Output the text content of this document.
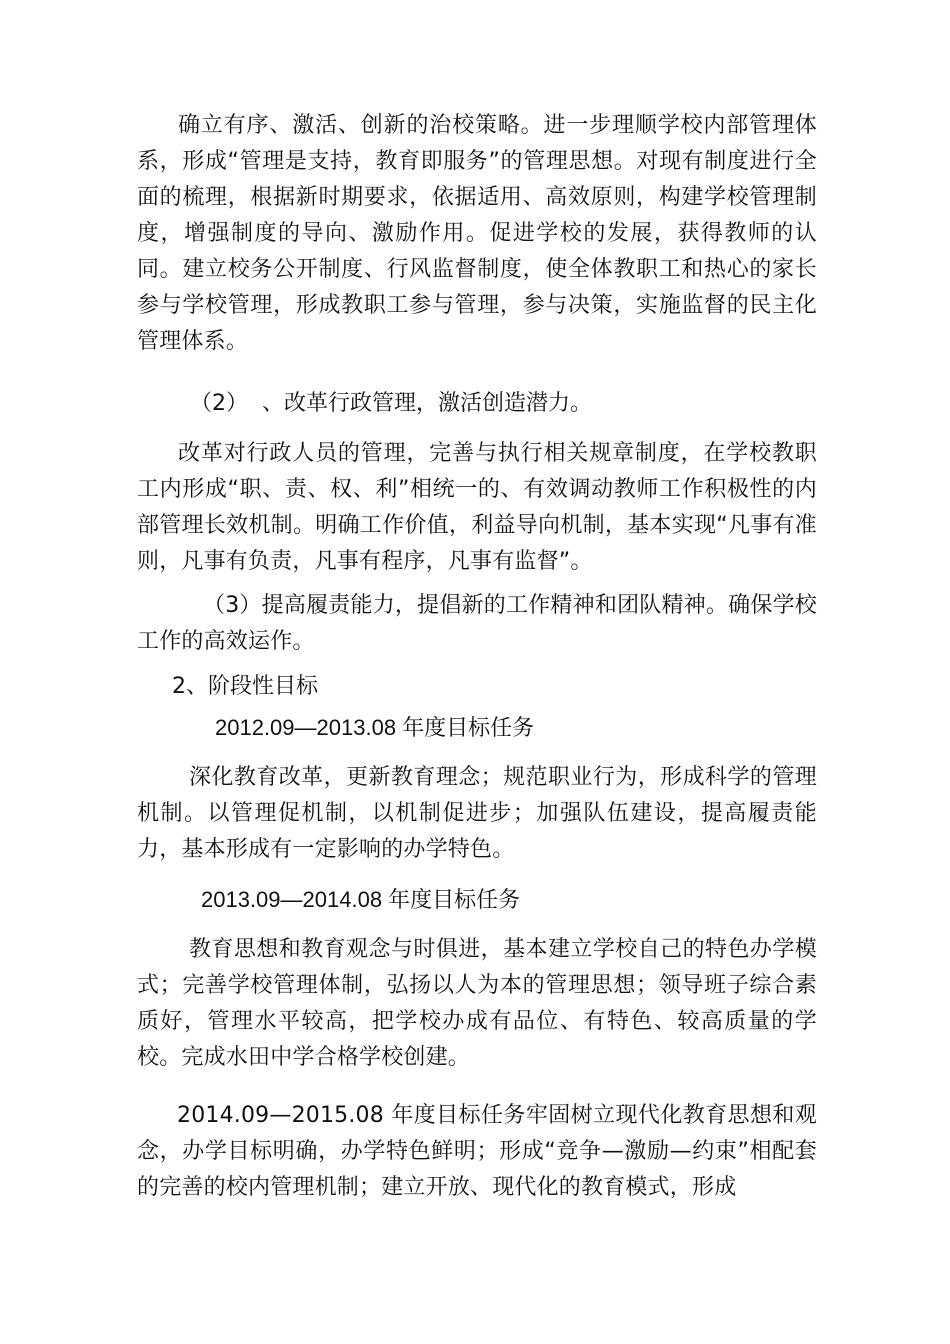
确立有序、激活、创新的治校策略。进一步理顺学校内部管理体系，形成“管理是支持，教育即服务”的管理思想。对现有制度进行全面的梳理，根据新时期要求，依据适用、高效原则，构建学校管理制度，增强制度的导向、激励作用。促进学校的发展，获得教师的认同。建立校务公开制度、行风监督制度，使全体教职工和热心的家长参与学校管理，形成教职工参与管理，参与决策，实施监督的民主化管理体系。

（2） 、改革行政管理，激活创造潜力。

改革对行政人员的管理，完善与执行相关规章制度，在学校教职工内形成“职、责、权、利”相统一的、有效调动教师工作积极性的内部管理长效机制。明确工作价值，利益导向机制，基本实现“凡事有准则，凡事有负责，凡事有程序，凡事有监督”。

（3）提高履责能力，提倡新的工作精神和团队精神。确保学校工作的高效运作。

2、阶段性目标
2012.09—2013.08 年度目标任务

深化教育改革，更新教育理念；规范职业行为，形成科学的管理机制。以管理促机制，以机制促进步；加强队伍建设，提高履责能力，基本形成有一定影响的办学特色。

2013.09—2014.08 年度目标任务

教育思想和教育观念与时俱进，基本建立学校自己的特色办学模式；完善学校管理体制，弘扬以人为本的管理思想；领导班子综合素质好，管理水平较高，把学校办成有品位、有特色、较高质量的学校。完成水田中学合格学校创建。

2014.09—2015.08 年度目标任务牢固树立现代化教育思想和观念，办学目标明确，办学特色鲜明；形成“竞争—激励—约束”相配套的完善的校内管理机制；建立开放、现代化的教育模式，形成
